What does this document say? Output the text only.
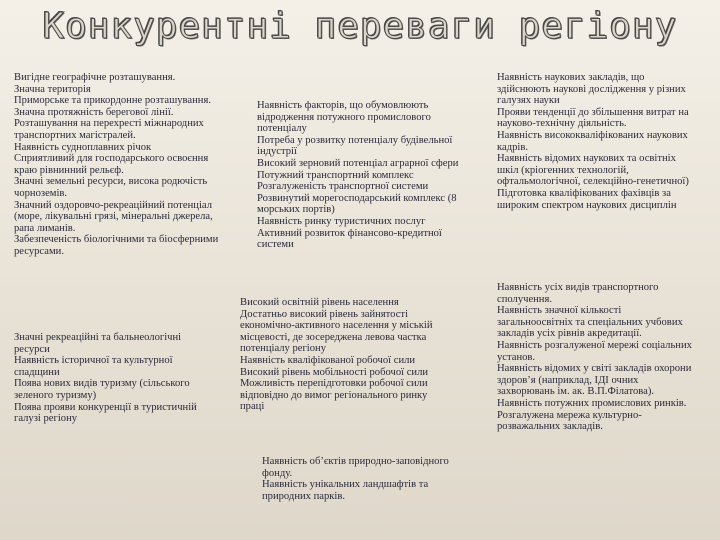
Конкурентні переваги регіону
Вигідне географічне розташування.
Значна територія
Приморське та прикордонне розташування.
Значна протяжність берегової лінії.
Розташування на перехресті міжнародних
транспортних магістралей.
Наявність судноплавних річок
Сприятливий для господарського освоєння
краю рівнинний рельєф.
Значні земельні ресурси, висока родючість
чорноземів.
Значний оздоровчо-рекреаційний потенціал
(море, лікувальні грязі, мінеральні джерела,
рапа лиманів.
Забезпеченість біологічними та біосферними
ресурсами.
Наявність факторів, що обумовлюють
відродження потужного промислового
потенціалу
Потреба у розвитку потенціалу будівельної
індустрії
Високий зерновий потенціал аграрної сфери
Потужний транспортний комплекс
Розгалуженість транспортної системи
Розвинутий морегосподарський комплекс (8
морських портів)
Наявність ринку туристичних послуг
Активний розвиток фінансово-кредитної
системи
Наявність наукових закладів, що
здійснюють наукові дослідження у різних
галузях науки
Прояви тенденції до збільшення витрат на
науково-технічну діяльність.
Наявність висококваліфікованих наукових
кадрів.
Наявність відомих наукових та освітніх
шкіл (кріогенних технологій,
офтальмологічної, селекційно-генетичної)
Підготовка кваліфікованих фахівців за
широким спектром наукових дисциплін
Значні рекреаційні та бальнеологічні
ресурси
Наявність історичної та культурної
спадщини
Поява нових видів туризму (сільського
зеленого туризму)
Поява прояви конкуренції в туристичній
галузі регіону
Високий освітній рівень населення
Достатньо високий рівень зайнятості
економічно-активного населення у міській
місцевості, де зосереджена левова частка
потенціалу регіону
Наявність кваліфікованої робочої сили
Високий рівень мобільності робочої сили
Можливість перепідготовки робочої сили
відповідно до вимог регіонального ринку
праці
Наявність усіх видів транспортного
сполучення.
Наявність значної кількості
загальноосвітніх та спеціальних учбових
закладів усіх рівнів акредитації.
Наявність розгалуженої мережі соціальних
установ.
Наявність відомих у світі закладів охорони
здоров’я (наприклад, ІДІ очних
захворювань ім. ак. В.П.Філатова).
Наявність потужних промислових ринків.
Розгалужена мережа культурно-
розважальних закладів.
Наявність об’єктів природно-заповідного
фонду.
Наявність унікальних ландшафтів та
природних парків.
